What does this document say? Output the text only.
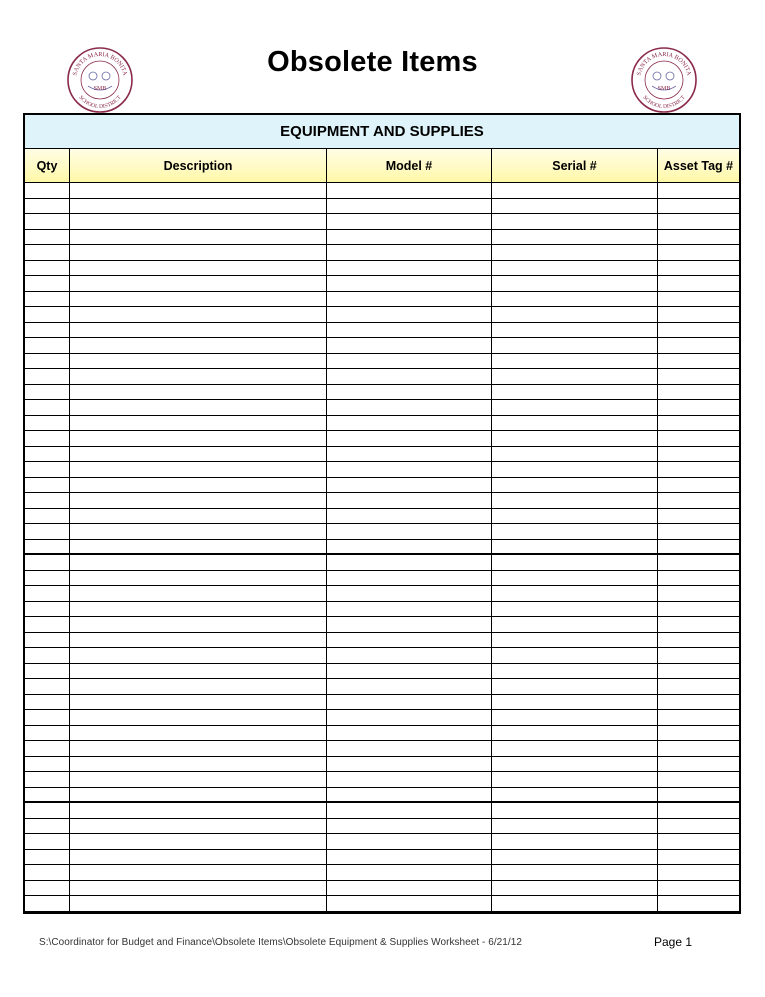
SANTA MARIA BONITA
SCHOOL DISTRICT
SMB
Obsolete Items	SANTA MARIA BONITA
SCHOOL DISTRICT
SMB
EQUIPMENT AND SUPPLIES
Qty	Description	Model #	Serial #	Asset Tag #
S:\Coordinator for Budget and Finance\Obsolete Items\Obsolete Equipment & Supplies Worksheet - 6/21/12	Page 1
